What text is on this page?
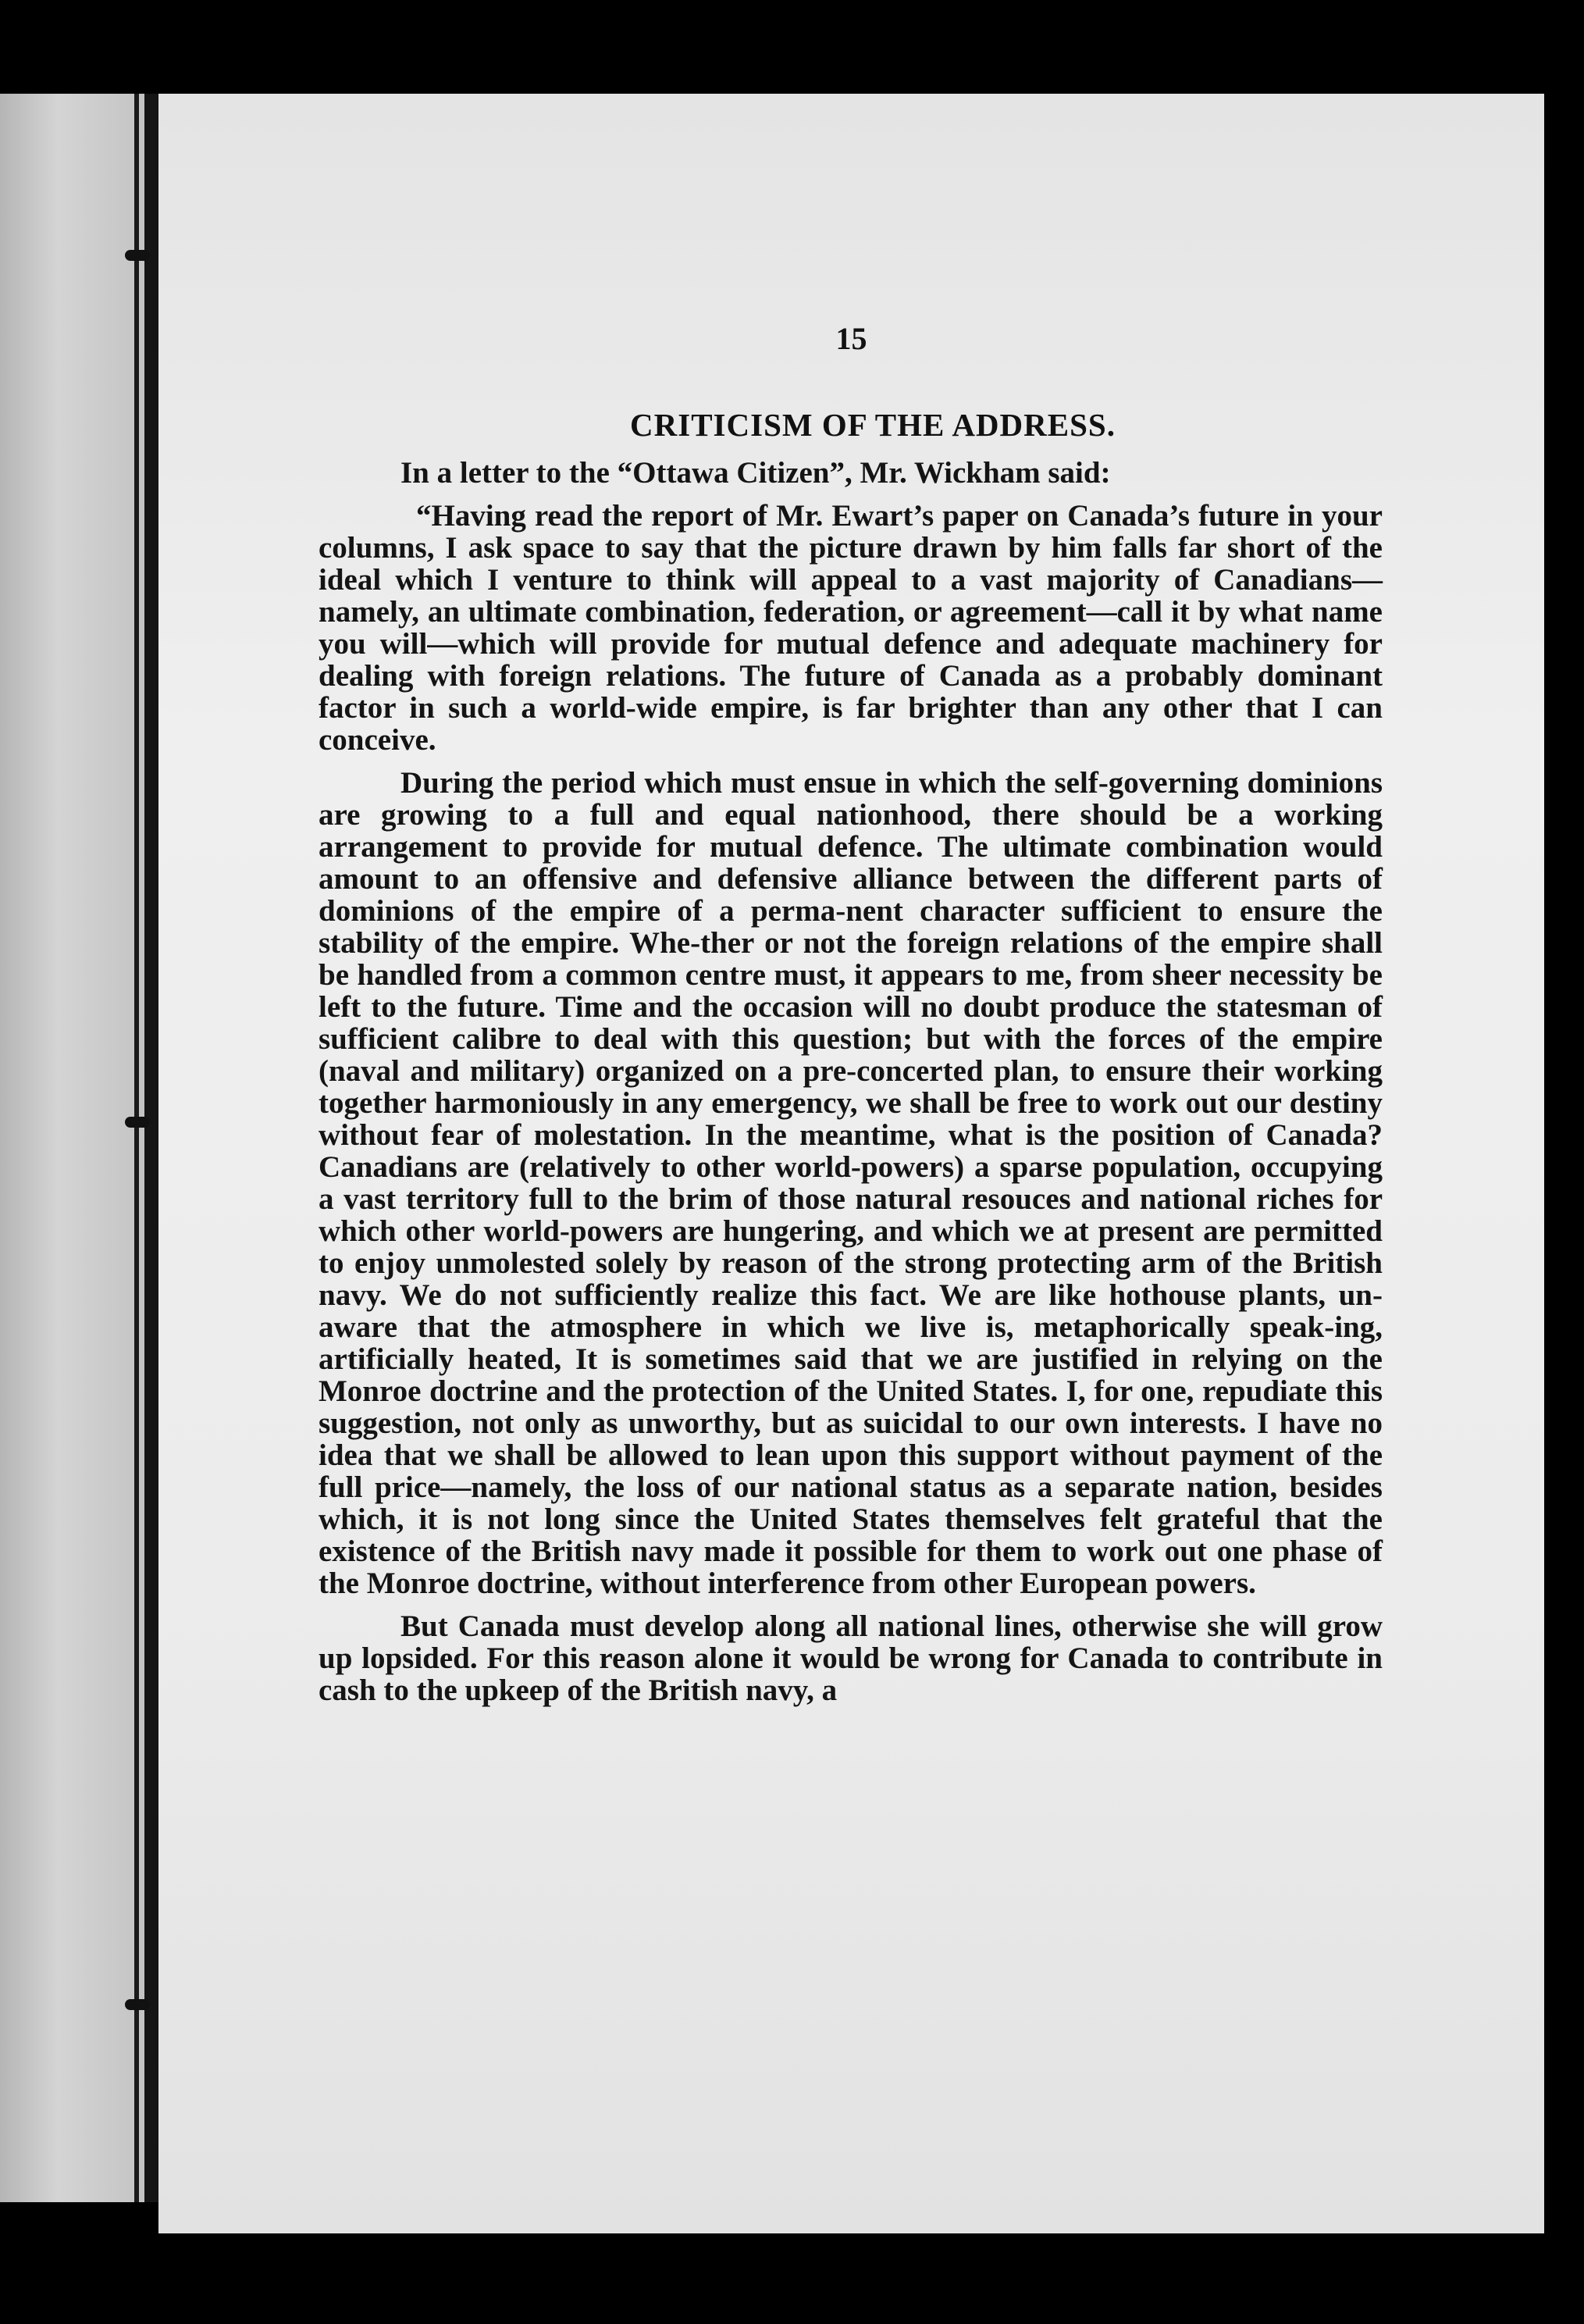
15
CRITICISM OF THE ADDRESS.

In a letter to the “Ottawa Citizen”, Mr. Wickham said:

“Having read the report of Mr. Ewart’s paper on Canada’s future in your columns, I ask space to say that the picture drawn by him falls far short of the ideal which I venture to think will appeal to a vast majority of Canadians—namely, an ultimate combination, federation, or agreement—call it by what name you will—which will provide for mutual defence and adequate machinery for dealing with foreign relations. The future of Canada as a probably dominant factor in such a world-wide empire, is far brighter than any other that I can conceive.

During the period which must ensue in which the self-governing dominions are growing to a full and equal nationhood, there should be a working arrangement to provide for mutual defence. The ultimate combination would amount to an offensive and defensive alliance between the different parts of dominions of the empire of a perma-nent character sufficient to ensure the stability of the empire. Whe-ther or not the foreign relations of the empire shall be handled from a common centre must, it appears to me, from sheer necessity be left to the future. Time and the occasion will no doubt produce the statesman of sufficient calibre to deal with this question; but with the forces of the empire (naval and military) organized on a pre-concerted plan, to ensure their working together harmoniously in any emergency, we shall be free to work out our destiny without fear of molestation. In the meantime, what is the position of Canada? Canadians are (relatively to other world-powers) a sparse population, occupying a vast territory full to the brim of those natural resouces and national riches for which other world-powers are hungering, and which we at present are permitted to enjoy unmolested solely by reason of the strong protecting arm of the British navy. We do not sufficiently realize this fact. We are like hothouse plants, un-aware that the atmosphere in which we live is, metaphorically speak-ing, artificially heated, It is sometimes said that we are justified in relying on the Monroe doctrine and the protection of the United States. I, for one, repudiate this suggestion, not only as unworthy, but as suicidal to our own interests. I have no idea that we shall be allowed to lean upon this support without payment of the full price—namely, the loss of our national status as a separate nation, besides which, it is not long since the United States themselves felt grateful that the existence of the British navy made it possible for them to work out one phase of the Monroe doctrine, without interference from other European powers.

But Canada must develop along all national lines, otherwise she will grow up lopsided. For this reason alone it would be wrong for Canada to contribute in cash to the upkeep of the British navy, a
